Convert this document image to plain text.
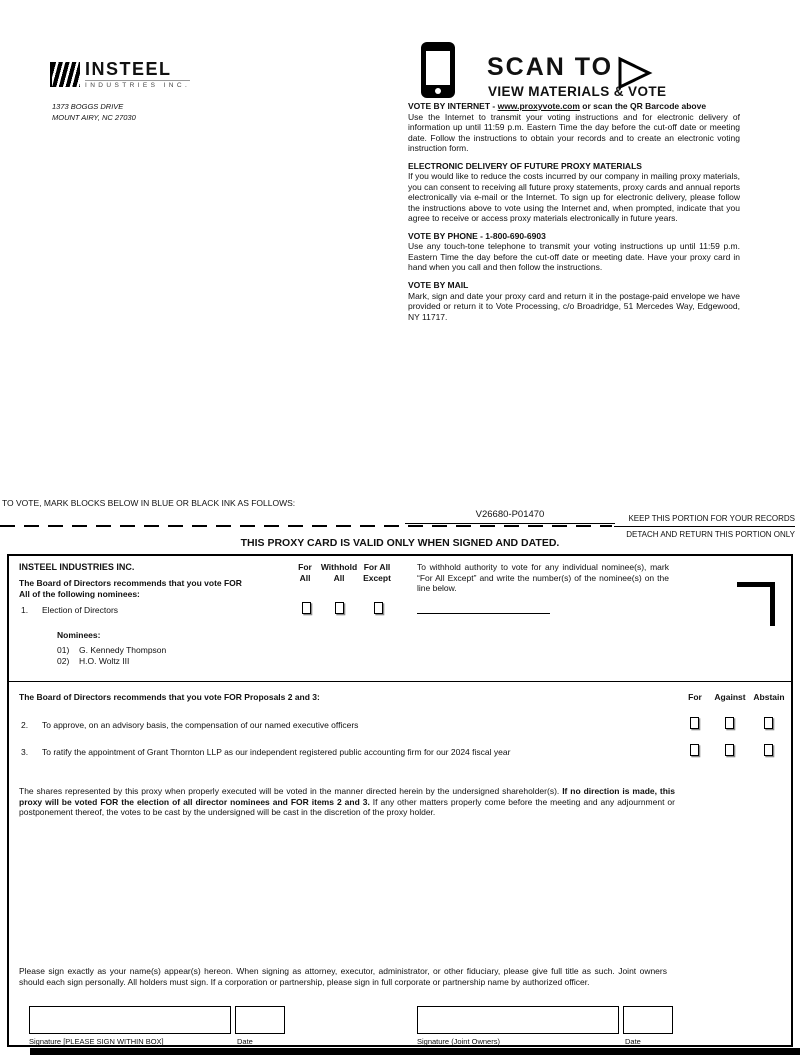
INSTEEL
INDUSTRIES INC.
1373 BOGGS DRIVE
MOUNT AIRY, NC 27030
SCAN TO
VIEW MATERIALS & VOTE
VOTE BY INTERNET - www.proxyvote.com or scan the QR Barcode above
Use the Internet to transmit your voting instructions and for electronic delivery of information up until 11:59 p.m. Eastern Time the day before the cut-off date or meeting date. Follow the instructions to obtain your records and to create an electronic voting instruction form.
ELECTRONIC DELIVERY OF FUTURE PROXY MATERIALS
If you would like to reduce the costs incurred by our company in mailing proxy materials, you can consent to receiving all future proxy statements, proxy cards and annual reports electronically via e-mail or the Internet. To sign up for electronic delivery, please follow the instructions above to vote using the Internet and, when prompted, indicate that you agree to receive or access proxy materials electronically in future years.
VOTE BY PHONE - 1-800-690-6903
Use any touch-tone telephone to transmit your voting instructions up until 11:59 p.m. Eastern Time the day before the cut-off date or meeting date. Have your proxy card in hand when you call and then follow the instructions.
VOTE BY MAIL
Mark, sign and date your proxy card and return it in the postage-paid envelope we have provided or return it to Vote Processing, c/o Broadridge, 51 Mercedes Way, Edgewood, NY 11717.
TO VOTE, MARK BLOCKS BELOW IN BLUE OR BLACK INK AS FOLLOWS:
V26680-P01470	KEEP THIS PORTION FOR YOUR RECORDS
DETACH AND RETURN THIS PORTION ONLY
THIS PROXY CARD IS VALID ONLY WHEN SIGNED AND DATED.
INSTEEL INDUSTRIES INC.
The Board of Directors recommends that you vote FOR
All of the following nominees:
For
All
Withhold
All
For All
Except
To withhold authority to vote for any individual nominee(s), mark “For All Except” and write the number(s) of the nominee(s) on the line below.
1. Election of Directors
Nominees:
01) G. Kennedy Thompson
02) H.O. Woltz III
The Board of Directors recommends that you vote FOR Proposals 2 and 3:	For	Against Abstain
2. To approve, on an advisory basis, the compensation of our named executive officers
3. To ratify the appointment of Grant Thornton LLP as our independent registered public accounting firm for our 2024 fiscal year
The shares represented by this proxy when properly executed will be voted in the manner directed herein by the undersigned shareholder(s). If no direction is made, this proxy will be voted FOR the election of all director nominees and FOR items 2 and 3. If any other matters properly come before the meeting and any adjournment or postponement thereof, the votes to be cast by the undersigned will be cast in the discretion of the proxy holder.
Please sign exactly as your name(s) appear(s) hereon. When signing as attorney, executor, administrator, or other fiduciary, please give full title as such. Joint owners should each sign personally. All holders must sign. If a corporation or partnership, please sign in full corporate or partnership name by authorized officer.
Signature [PLEASE SIGN WITHIN BOX]	Date	Signature (Joint Owners)	Date
